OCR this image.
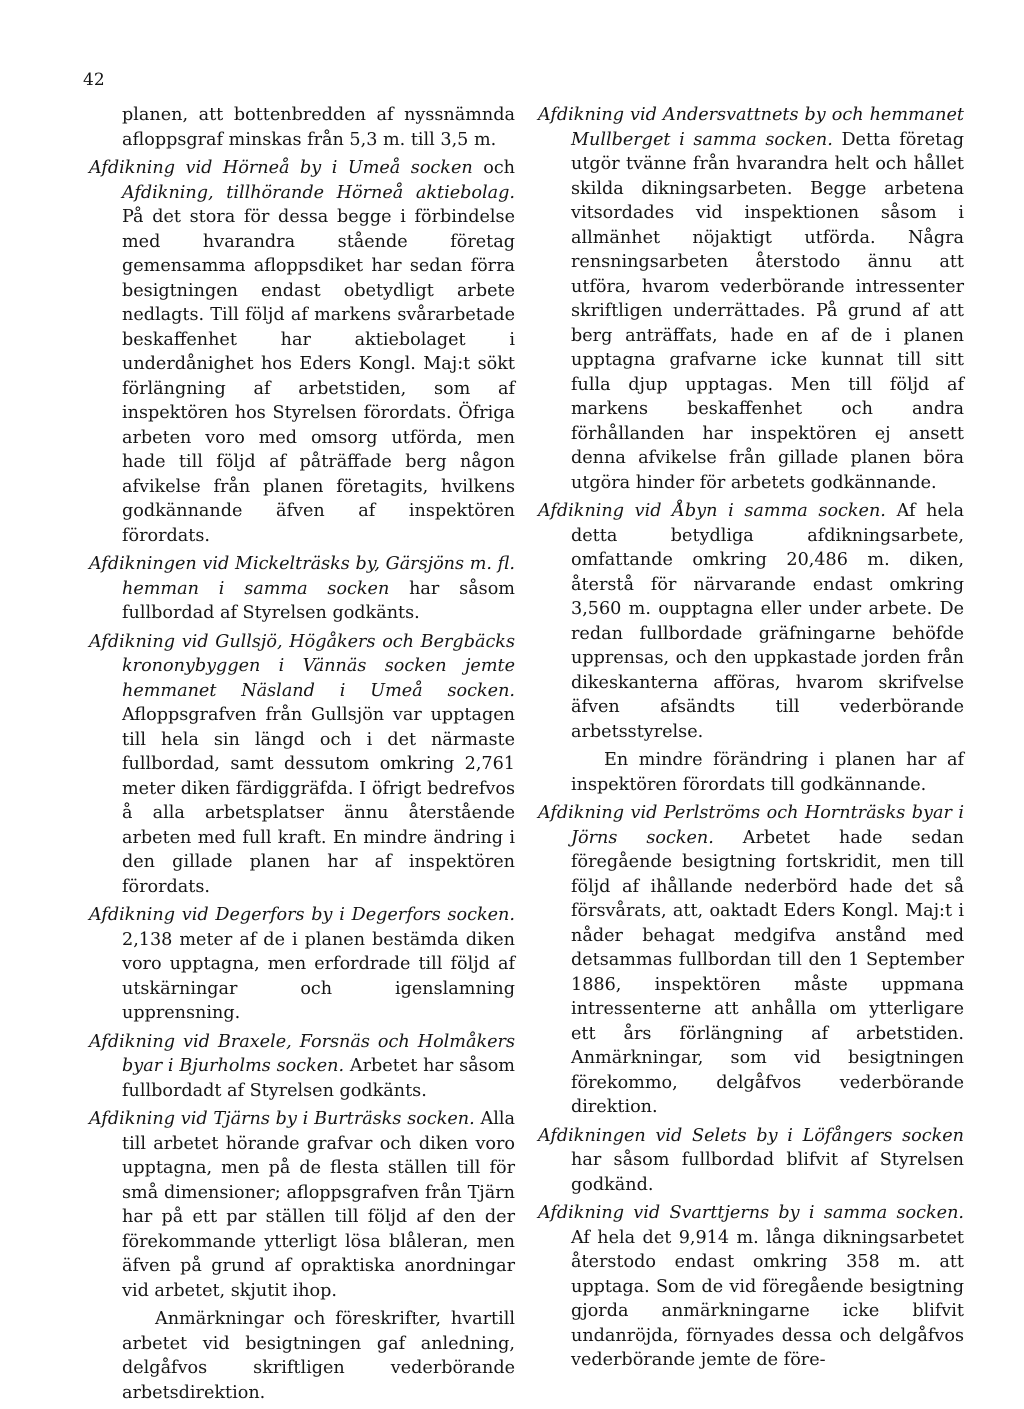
42

planen, att bottenbredden af nyssnämnda afloppsgraf minskas från 5,3 m. till 3,5 m.

Afdikning vid Hörneå by i Umeå socken och Afdikning, tillhörande Hörneå aktiebolag. På det stora för dessa begge i förbindelse med hvarandra stående företag gemensamma afloppsdiket har sedan förra besigtningen endast obetydligt arbete nedlagts. Till följd af markens svårarbetade beskaffenhet har aktiebolaget i underdånighet hos Eders Kongl. Maj:t sökt förlängning af arbetstiden, som af inspektören hos Styrelsen förordats. Öfriga arbeten voro med omsorg utförda, men hade till följd af påträffade berg någon afvikelse från planen företagits, hvilkens godkännande äfven af inspektören förordats.

Afdikningen vid Mickelträsks by, Gärsjöns m. fl. hemman i samma socken har såsom fullbordad af Styrelsen godkänts.

Afdikning vid Gullsjö, Högåkers och Bergbäcks krononybyggen i Vännäs socken jemte hemmanet Näsland i Umeå socken. Afloppsgrafven från Gullsjön var upptagen till hela sin längd och i det närmaste fullbordad, samt dessutom omkring 2,761 meter diken färdiggräfda. I öfrigt bedrefvos å alla arbetsplatser ännu återstående arbeten med full kraft. En mindre ändring i den gillade planen har af inspektören förordats.

Afdikning vid Degerfors by i Degerfors socken. 2,138 meter af de i planen bestämda diken voro upptagna, men erfordrade till följd af utskärningar och igenslamning upprensning.

Afdikning vid Braxele, Forsnäs och Holmåkers byar i Bjurholms socken. Arbetet har såsom fullbordadt af Styrelsen godkänts.

Afdikning vid Tjärns by i Burträsks socken. Alla till arbetet hörande grafvar och diken voro upptagna, men på de flesta ställen till för små dimensioner; afloppsgrafven från Tjärn har på ett par ställen till följd af den der förekommande ytterligt lösa blåleran, men äfven på grund af opraktiska anordningar vid arbetet, skjutit ihop.

Anmärkningar och föreskrifter, hvartill arbetet vid besigtningen gaf anledning, delgåfvos skriftligen vederbörande arbetsdirektion.

Afdikning vid Andersvattnets by och hemmanet Mullberget i samma socken. Detta företag utgör tvänne från hvarandra helt och hållet skilda dikningsarbeten. Begge arbetena vitsordades vid inspektionen såsom i allmänhet nöjaktigt utförda. Några rensningsarbeten återstodo ännu att utföra, hvarom vederbörande intressenter skriftligen underrättades. På grund af att berg anträffats, hade en af de i planen upptagna grafvarne icke kunnat till sitt fulla djup upptagas. Men till följd af markens beskaffenhet och andra förhållanden har inspektören ej ansett denna afvikelse från gillade planen böra utgöra hinder för arbetets godkännande.

Afdikning vid Åbyn i samma socken. Af hela detta betydliga afdikningsarbete, omfattande omkring 20,486 m. diken, återstå för närvarande endast omkring 3,560 m. oupptagna eller under arbete. De redan fullbordade gräfningarne behöfde upprensas, och den uppkastade jorden från dikeskanterna afföras, hvarom skrifvelse äfven afsändts till vederbörande arbetsstyrelse.

En mindre förändring i planen har af inspektören förordats till godkännande.

Afdikning vid Perlströms och Hornträsks byar i Jörns socken. Arbetet hade sedan föregående besigtning fortskridit, men till följd af ihållande nederbörd hade det så försvårats, att, oaktadt Eders Kongl. Maj:t i nåder behagat medgifva anstånd med detsammas fullbordan till den 1 September 1886, inspektören måste uppmana intressenterne att anhålla om ytterligare ett års förlängning af arbetstiden. Anmärkningar, som vid besigtningen förekommo, delgåfvos vederbörande direktion.

Afdikningen vid Selets by i Löfångers socken har såsom fullbordad blifvit af Styrelsen godkänd.

Afdikning vid Svarttjerns by i samma socken. Af hela det 9,914 m. långa dikningsarbetet återstodo endast omkring 358 m. att upptaga. Som de vid föregående besigtning gjorda anmärkningarne icke blifvit undanröjda, förnyades dessa och delgåfvos vederbörande jemte de före-
